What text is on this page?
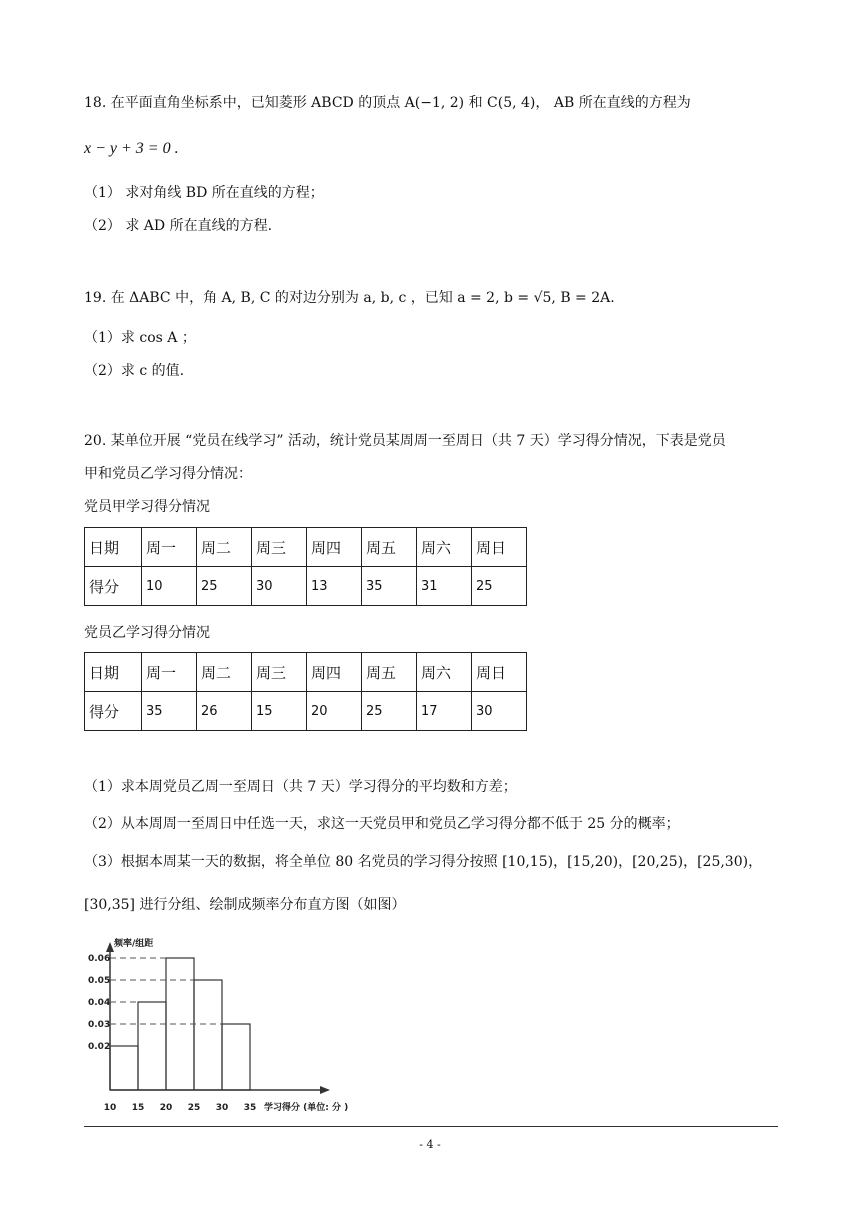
18. 在平面直角坐标系中，已知菱形 ABCD 的顶点 A(−1, 2) 和 C(5, 4)， AB 所在直线的方程为
x − y + 3 = 0 .
（1） 求对角线 BD 所在直线的方程；
（2） 求 AD 所在直线的方程.
19. 在 ΔABC 中，角 A, B, C 的对边分别为 a, b, c ，已知 a = 2, b = √5, B = 2A.
（1）求 cos A ；
（2）求 c 的值.
20. 某单位开展 “党员在线学习” 活动，统计党员某周周一至周日（共 7 天）学习得分情况，下表是党员
甲和党员乙学习得分情况：
党员甲学习得分情况
日期	周一	周二	周三	周四	周五	周六	周日
得分	10	25	30	13	35	31	25
党员乙学习得分情况
日期	周一	周二	周三	周四	周五	周六	周日
得分	35	26	15	20	25	17	30
（1）求本周党员乙周一至周日（共 7 天）学习得分的平均数和方差；
（2）从本周周一至周日中任选一天，求这一天党员甲和党员乙学习得分都不低于 25 分的概率；
（3）根据本周某一天的数据，将全单位 80 名党员的学习得分按照 [10,15)，[15,20)，[20,25)，[25,30)，
[30,35] 进行分组、绘制成频率分布直方图（如图）
0.06
0.05
0.04
0.03
0.02
10 15 20 25 30 35
频率/组距
学习得分 (单位: 分 )
- 4 -
